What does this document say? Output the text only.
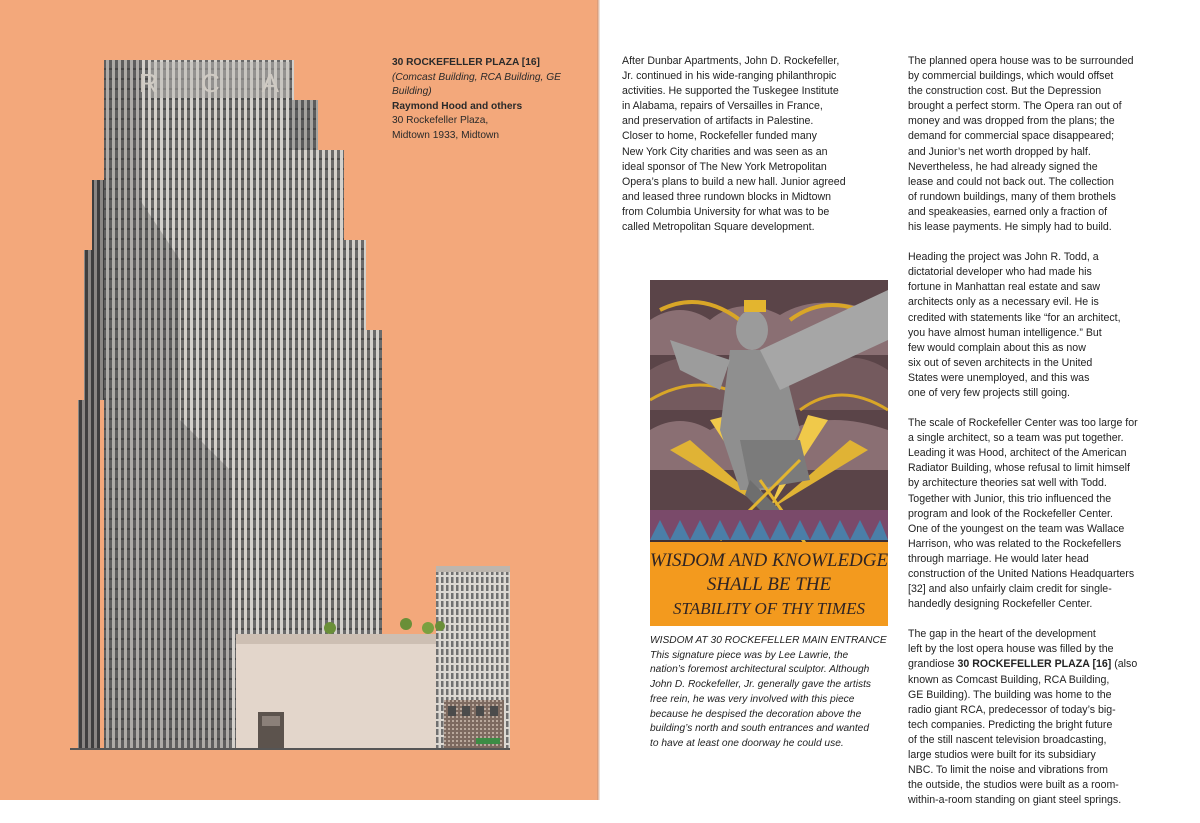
R C A
30 ROCKEFELLER PLAZA [16]
(Comcast Building, RCA Building, GE Building)
Raymond Hood and others
30 Rockefeller Plaza,
Midtown 1933, Midtown

After Dunbar Apartments, John D. Rockefeller,
Jr. continued in his wide-ranging philanthropic
activities. He supported the Tuskegee Institute
in Alabama, repairs of Versailles in France,
and preservation of artifacts in Palestine.
Closer to home, Rockefeller funded many
New York City charities and was seen as an
ideal sponsor of The New York Metropolitan
Opera’s plans to build a new hall. Junior agreed
and leased three rundown blocks in Midtown
from Columbia University for what was to be
called Metropolitan Square development.

The planned opera house was to be surrounded
by commercial buildings, which would offset
the construction cost. But the Depression
brought a perfect storm. The Opera ran out of
money and was dropped from the plans; the
demand for commercial space disappeared;
and Junior’s net worth dropped by half.
Nevertheless, he had already signed the
lease and could not back out. The collection
of rundown buildings, many of them brothels
and speakeasies, earned only a fraction of
his lease payments. He simply had to build.

Heading the project was John R. Todd, a
dictatorial developer who had made his
fortune in Manhattan real estate and saw
architects only as a necessary evil. He is
credited with statements like “for an architect,
you have almost human intelligence.” But
few would complain about this as now
six out of seven architects in the United
States were unemployed, and this was
one of very few projects still going.

The scale of Rockefeller Center was too large for
a single architect, so a team was put together.
Leading it was Hood, architect of the American
Radiator Building, whose refusal to limit himself
by architecture theories sat well with Todd.
Together with Junior, this trio influenced the
program and look of the Rockefeller Center.
One of the youngest on the team was Wallace
Harrison, who was related to the Rockefellers
through marriage. He would later head
construction of the United Nations Headquarters
[32] and also unfairly claim credit for single-
handedly designing Rockefeller Center.

The gap in the heart of the development
left by the lost opera house was filled by the
grandiose 30 ROCKEFELLER PLAZA [16] (also
known as Comcast Building, RCA Building,
GE Building). The building was home to the
radio giant RCA, predecessor of today’s big-
tech companies. Predicting the bright future
of the still nascent television broadcasting,
large studios were built for its subsidiary
NBC. To limit the noise and vibrations from
the outside, the studios were built as a room-
within-a-room standing on giant steel springs.

WISDOM AND KNOWLEDGE
SHALL BE THE
STABILITY OF THY TIMES
WISDOM AT 30 ROCKEFELLER MAIN ENTRANCE
This signature piece was by Lee Lawrie, the
nation’s foremost architectural sculptor. Although
John D. Rockefeller, Jr. generally gave the artists
free rein, he was very involved with this piece
because he despised the decoration above the
building’s north and south entrances and wanted
to have at least one doorway he could use.
